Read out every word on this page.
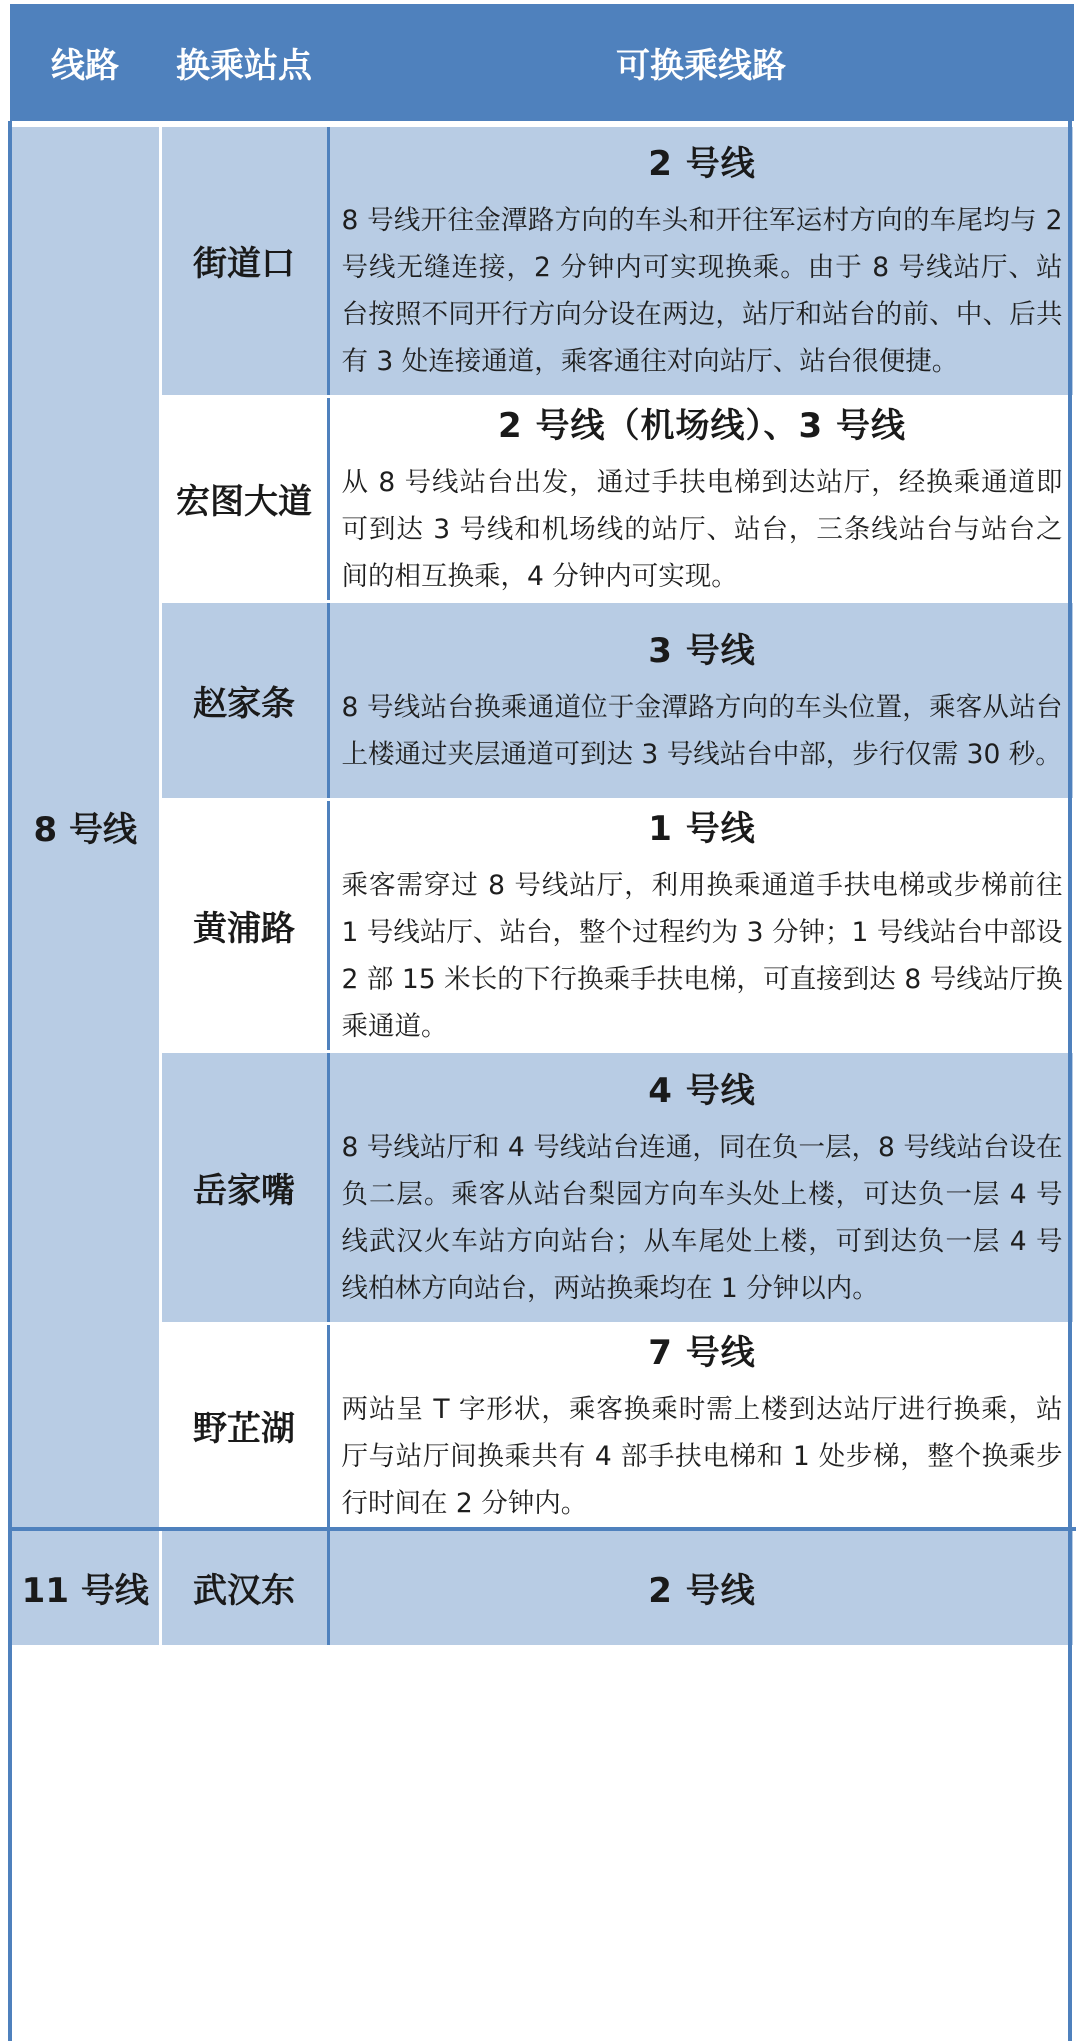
线路	换乘站点	可换乘线路
8 号线	街道口	2 号线

8 号线开往金潭路方向的车头和开往军运村方向的车尾均与 2 号线无缝连接，2 分钟内可实现换乘。由于 8 号线站厅、站台按照不同开行方向分设在两边，站厅和站台的前、中、后共有 3 处连接通道，乘客通往对向站厅、站台很便捷。

	宏图大道	2 号线（机场线）、3 号线

从 8 号线站台出发，通过手扶电梯到达站厅，经换乘通道即可到达 3 号线和机场线的站厅、站台，三条线站台与站台之间的相互换乘，4 分钟内可实现。

	赵家条	3 号线

8 号线站台换乘通道位于金潭路方向的车头位置，乘客从站台上楼通过夹层通道可到达 3 号线站台中部，步行仅需 30 秒。

	黄浦路	1 号线

乘客需穿过 8 号线站厅，利用换乘通道手扶电梯或步梯前往 1 号线站厅、站台，整个过程约为 3 分钟；1 号线站台中部设 2 部 15 米长的下行换乘手扶电梯，可直接到达 8 号线站厅换乘通道。

	岳家嘴	4 号线

8 号线站厅和 4 号线站台连通，同在负一层，8 号线站台设在负二层。乘客从站台梨园方向车头处上楼，可达负一层 4 号线武汉火车站方向站台；从车尾处上楼，可到达负一层 4 号线柏林方向站台，两站换乘均在 1 分钟以内。

	野芷湖	7 号线

两站呈 T 字形状，乘客换乘时需上楼到达站厅进行换乘，站厅与站厅间换乘共有 4 部手扶电梯和 1 处步梯，整个换乘步行时间在 2 分钟内。

11 号线	武汉东	2 号线
